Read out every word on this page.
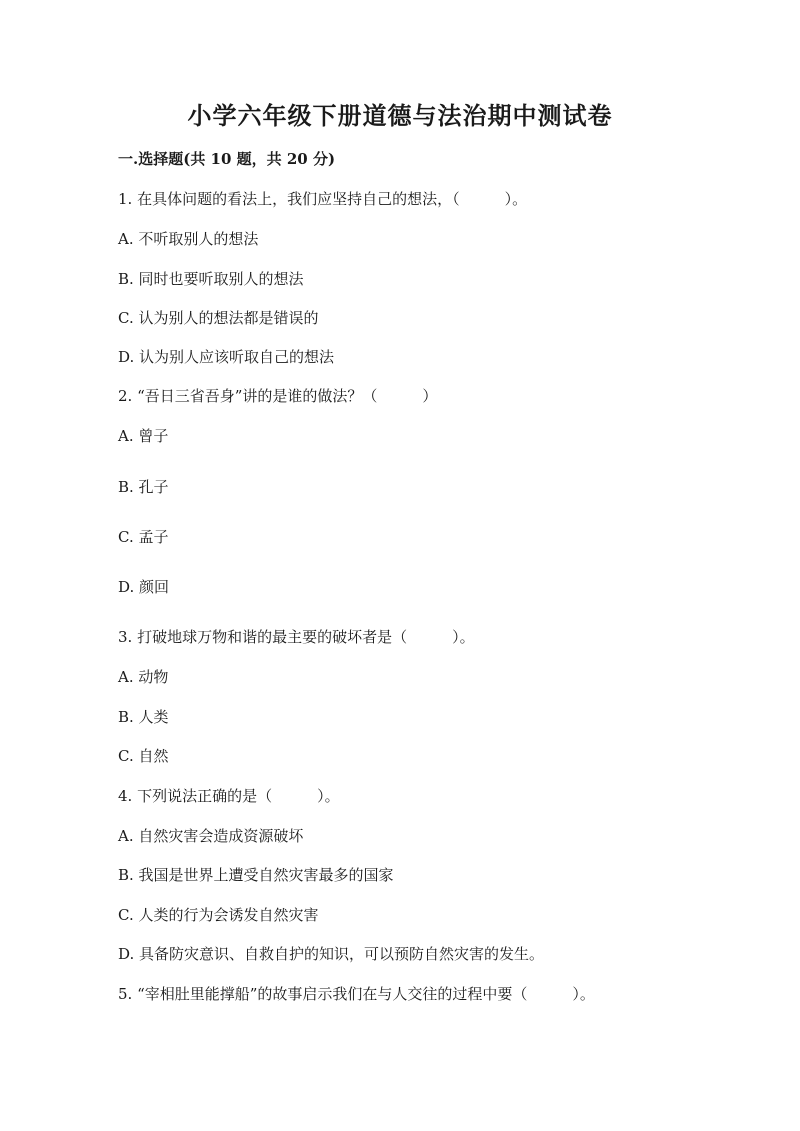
小学六年级下册道德与法治期中测试卷
一.选择题(共 10 题，共 20 分)
1. 在具体问题的看法上，我们应坚持自己的想法，（　　　）。
A. 不听取别人的想法
B. 同时也要听取别人的想法
C. 认为别人的想法都是错误的
D. 认为别人应该听取自己的想法
2. “吾日三省吾身”讲的是谁的做法？（　　　）
A. 曾子
B. 孔子
C. 孟子
D. 颜回
3. 打破地球万物和谐的最主要的破坏者是（　　　）。
A. 动物
B. 人类
C. 自然
4. 下列说法正确的是（　　　）。
A. 自然灾害会造成资源破坏
B. 我国是世界上遭受自然灾害最多的国家
C. 人类的行为会诱发自然灾害
D. 具备防灾意识、自救自护的知识，可以预防自然灾害的发生。
5. “宰相肚里能撑船”的故事启示我们在与人交往的过程中要（　　　）。
